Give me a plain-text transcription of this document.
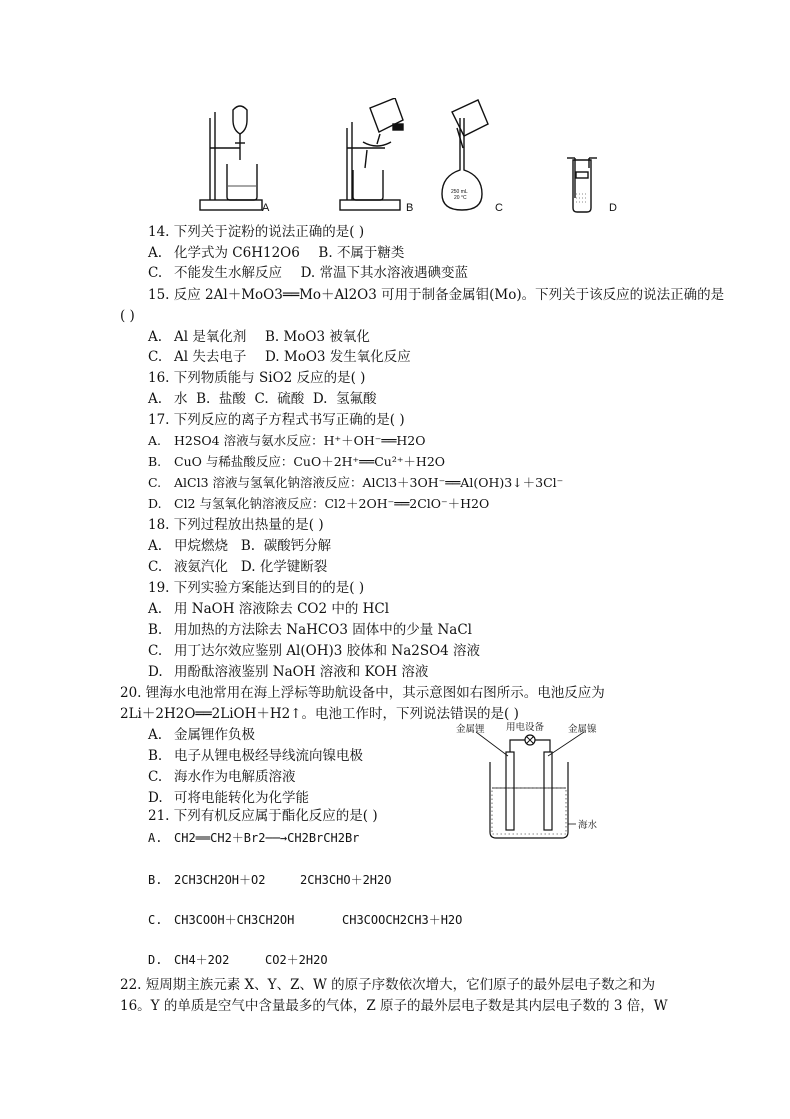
A	B
250 mL
20 °C
C	D
14. 下列关于淀粉的说法正确的是( )
A. 化学式为 C6H12O6 B. 不属于糖类
C. 不能发生水解反应 D. 常温下其水溶液遇碘变蓝
15. 反应 2Al＋MoO3══Mo＋Al2O3 可用于制备金属钼(Mo)。下列关于该反应的说法正确的是
( )
A. Al 是氧化剂 B. MoO3 被氧化
C. Al 失去电子 D. MoO3 发生氧化反应
16. 下列物质能与 SiO2 反应的是( )
A. 水 B. 盐酸 C. 硫酸 D. 氢氟酸
17. 下列反应的离子方程式书写正确的是( )
A. H2SO4 溶液与氨水反应：H⁺＋OH⁻══H2O
B. CuO 与稀盐酸反应：CuO＋2H⁺══Cu²⁺＋H2O
C. AlCl3 溶液与氢氧化钠溶液反应：AlCl3＋3OH⁻══Al(OH)3↓＋3Cl⁻
D. Cl2 与氢氧化钠溶液反应：Cl2＋2OH⁻══2ClO⁻＋H2O
18. 下列过程放出热量的是( )
A. 甲烷燃烧 B. 碳酸钙分解
C. 液氨汽化 D. 化学键断裂
19. 下列实验方案能达到目的的是( )
A. 用 NaOH 溶液除去 CO2 中的 HCl
B. 用加热的方法除去 NaHCO3 固体中的少量 NaCl
C. 用丁达尔效应鉴别 Al(OH)3 胶体和 Na2SO4 溶液
D. 用酚酞溶液鉴别 NaOH 溶液和 KOH 溶液
20. 锂海水电池常用在海上浮标等助航设备中，其示意图如右图所示。电池反应为
2Li＋2H2O══2LiOH＋H2↑。电池工作时，下列说法错误的是( )
A. 金属锂作负极
B. 电子从锂电极经导线流向镍电极
C. 海水作为电解质溶液
D. 可将电能转化为化学能
金属锂 用电设备	金属镍
海水
21. 下列有机反应属于酯化反应的是( )
A. CH2══CH2＋Br2──→CH2BrCH2Br
B. 2CH3CH2OH＋O2	2CH3CHO＋2H2O
C. CH3COOH＋CH3CH2OH	CH3COOCH2CH3＋H2O
D. CH4＋2O2	CO2＋2H2O
22. 短周期主族元素 X、Y、Z、W 的原子序数依次增大，它们原子的最外层电子数之和为
16。Y 的单质是空气中含量最多的气体，Z 原子的最外层电子数是其内层电子数的 3 倍，W
